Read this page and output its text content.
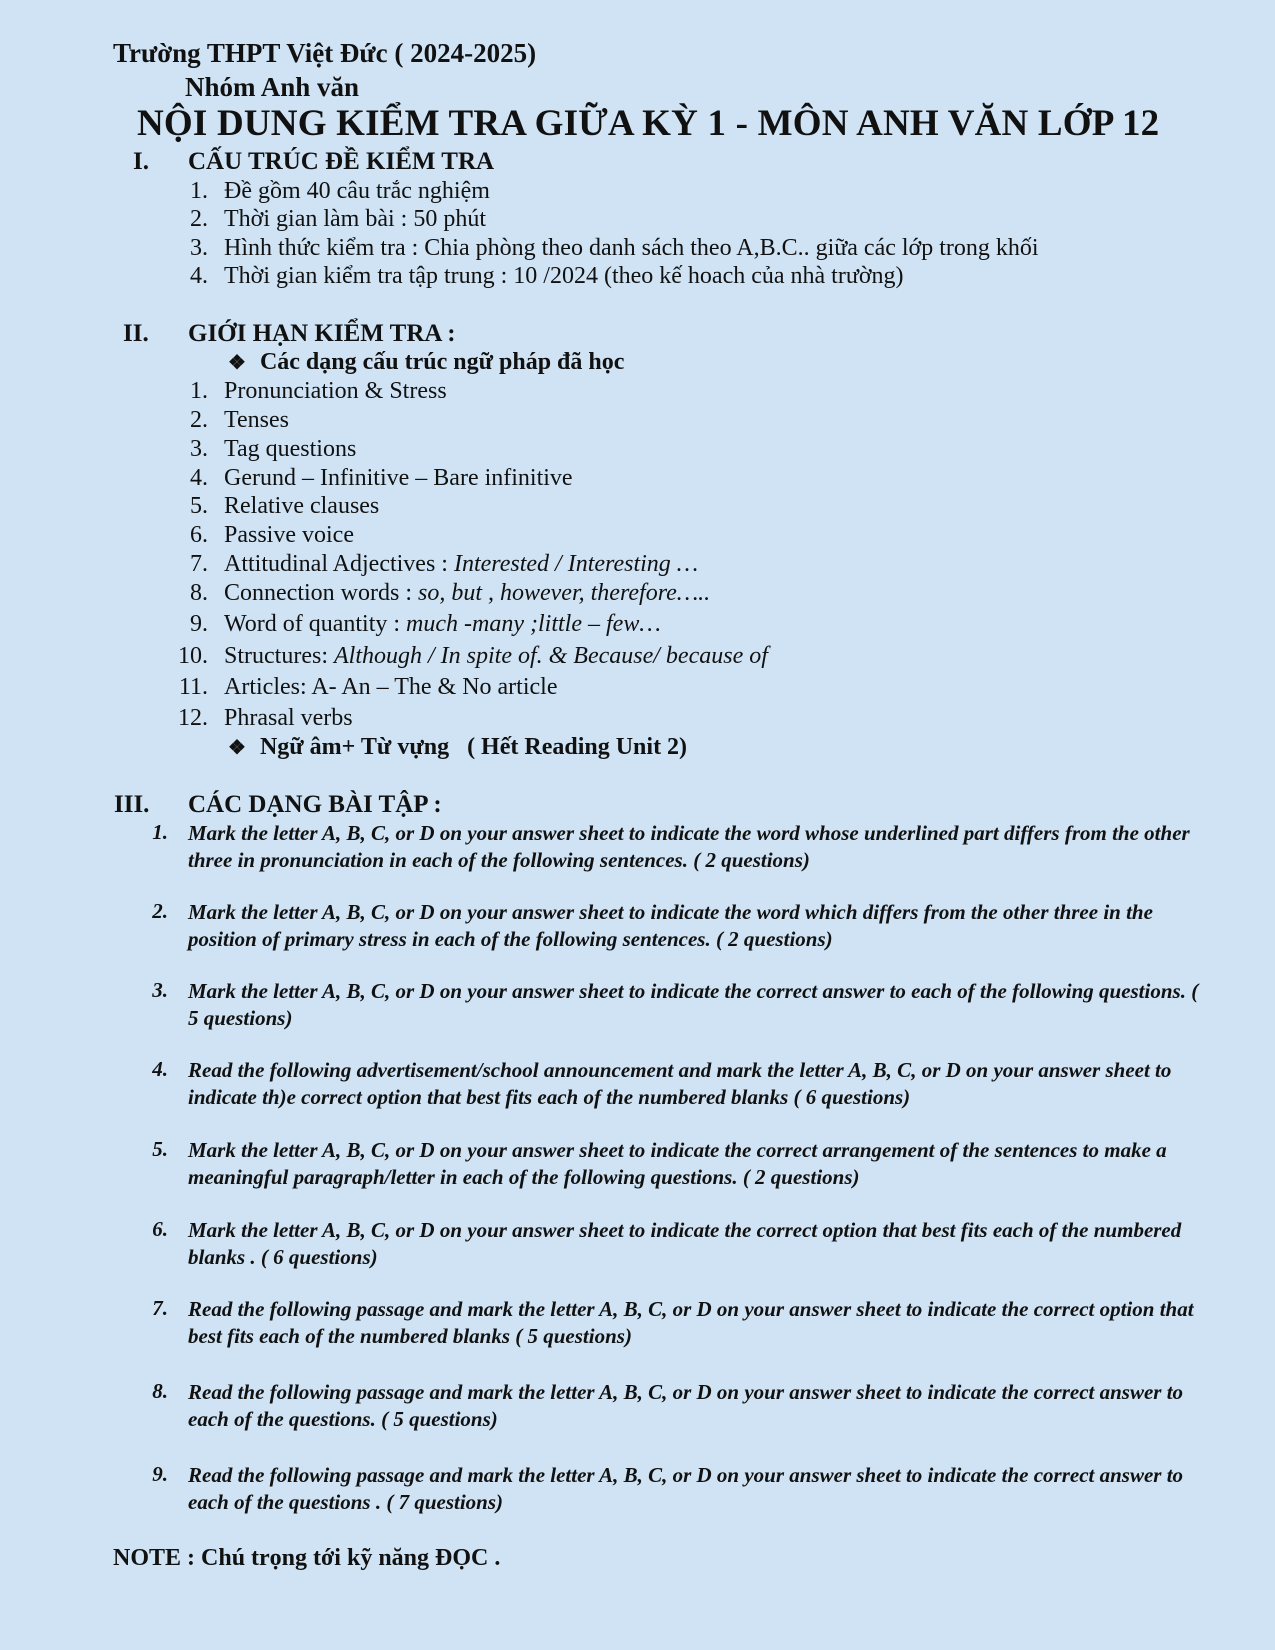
Trường THPT Việt Đức ( 2024-2025)
Nhóm Anh văn
NỘI DUNG KIỂM TRA GIỮA KỲ 1 - MÔN ANH VĂN LỚP 12
I. CẤU TRÚC ĐỀ KIỂM TRA
1. Đề gồm 40 câu trắc nghiệm
2. Thời gian làm bài : 50 phút
3. Hình thức kiểm tra : Chia phòng theo danh sách theo A,B.C.. giữa các lớp trong khối
4. Thời gian kiểm tra tập trung : 10 /2024 (theo kế hoach của nhà trường)
II. GIỚI HẠN KIỂM TRA :
❖ Các dạng cấu trúc ngữ pháp đã học
1. Pronunciation & Stress
2. Tenses
3. Tag questions
4. Gerund – Infinitive – Bare infinitive
5. Relative clauses
6. Passive voice
7. Attitudinal Adjectives : Interested / Interesting …
8. Connection words : so, but , however, therefore…..
9. Word of quantity : much -many ;little – few…
10. Structures: Although / In spite of. & Because/ because of
11. Articles: A- An – The & No article
12. Phrasal verbs
❖ Ngữ âm+ Từ vựng   ( Hết Reading Unit 2)
III. CÁC DẠNG BÀI TẬP :
1. Mark the letter A, B, C, or D on your answer sheet to indicate the word whose underlined part differs from the other three in pronunciation in each of the following sentences. ( 2 questions)
2. Mark the letter A, B, C, or D on your answer sheet to indicate the word which differs from the other three in the position of primary stress in each of the following sentences. ( 2 questions)
3. Mark the letter A, B, C, or D on your answer sheet to indicate the correct answer to each of the following questions. ( 5 questions)
4. Read the following advertisement/school announcement and mark the letter A, B, C, or D on your answer sheet to indicate th)e correct option that best fits each of the numbered blanks ( 6 questions)
5. Mark the letter A, B, C, or D on your answer sheet to indicate the correct arrangement of the sentences to make a meaningful paragraph/letter in each of the following questions. ( 2 questions)
6. Mark the letter A, B, C, or D on your answer sheet to indicate the correct option that best fits each of the numbered blanks . ( 6 questions)
7. Read the following passage and mark the letter A, B, C, or D on your answer sheet to indicate the correct option that best fits each of the numbered blanks ( 5 questions)
8. Read the following passage and mark the letter A, B, C, or D on your answer sheet to indicate the correct answer to each of the questions. ( 5 questions)
9. Read the following passage and mark the letter A, B, C, or D on your answer sheet to indicate the correct answer to each of the questions . ( 7 questions)
NOTE : Chú trọng tới kỹ năng ĐỌC .
